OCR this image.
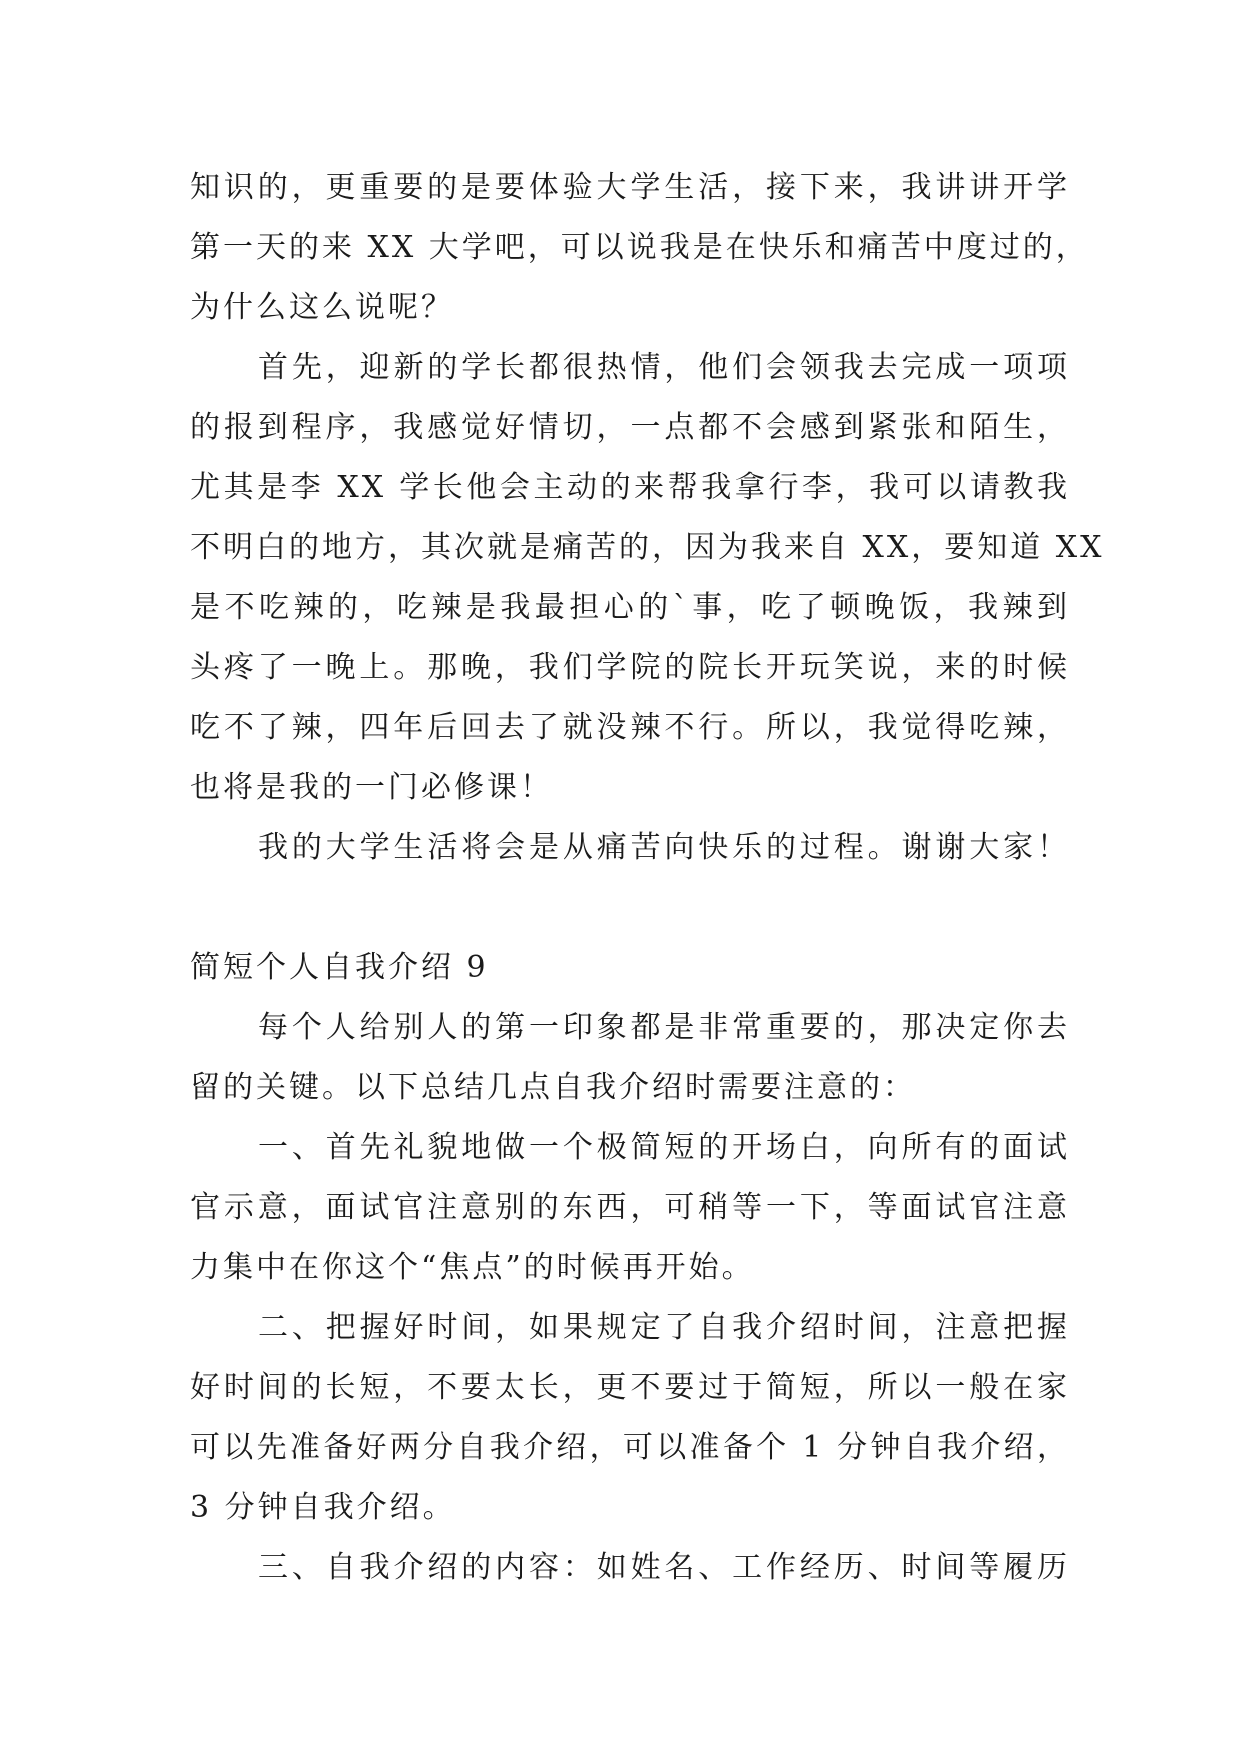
知识的，更重要的是要体验大学生活，接下来，我讲讲开学
第一天的来 XX 大学吧，可以说我是在快乐和痛苦中度过的，
为什么这么说呢？
首先，迎新的学长都很热情，他们会领我去完成一项项
的报到程序，我感觉好情切，一点都不会感到紧张和陌生，
尤其是李 XX 学长他会主动的来帮我拿行李，我可以请教我
不明白的地方，其次就是痛苦的，因为我来自 XX，要知道 XX
是不吃辣的，吃辣是我最担心的`事，吃了顿晚饭，我辣到
头疼了一晚上。那晚，我们学院的院长开玩笑说，来的时候
吃不了辣，四年后回去了就没辣不行。所以，我觉得吃辣，
也将是我的一门必修课！
我的大学生活将会是从痛苦向快乐的过程。谢谢大家！
简短个人自我介绍 9
每个人给别人的第一印象都是非常重要的，那决定你去
留的关键。以下总结几点自我介绍时需要注意的：
一、首先礼貌地做一个极简短的开场白，向所有的面试
官示意，面试官注意别的东西，可稍等一下，等面试官注意
力集中在你这个“焦点”的时候再开始。
二、把握好时间，如果规定了自我介绍时间，注意把握
好时间的长短，不要太长，更不要过于简短，所以一般在家
可以先准备好两分自我介绍，可以准备个 1 分钟自我介绍，
3 分钟自我介绍。
三、自我介绍的内容：如姓名、工作经历、时间等履历
